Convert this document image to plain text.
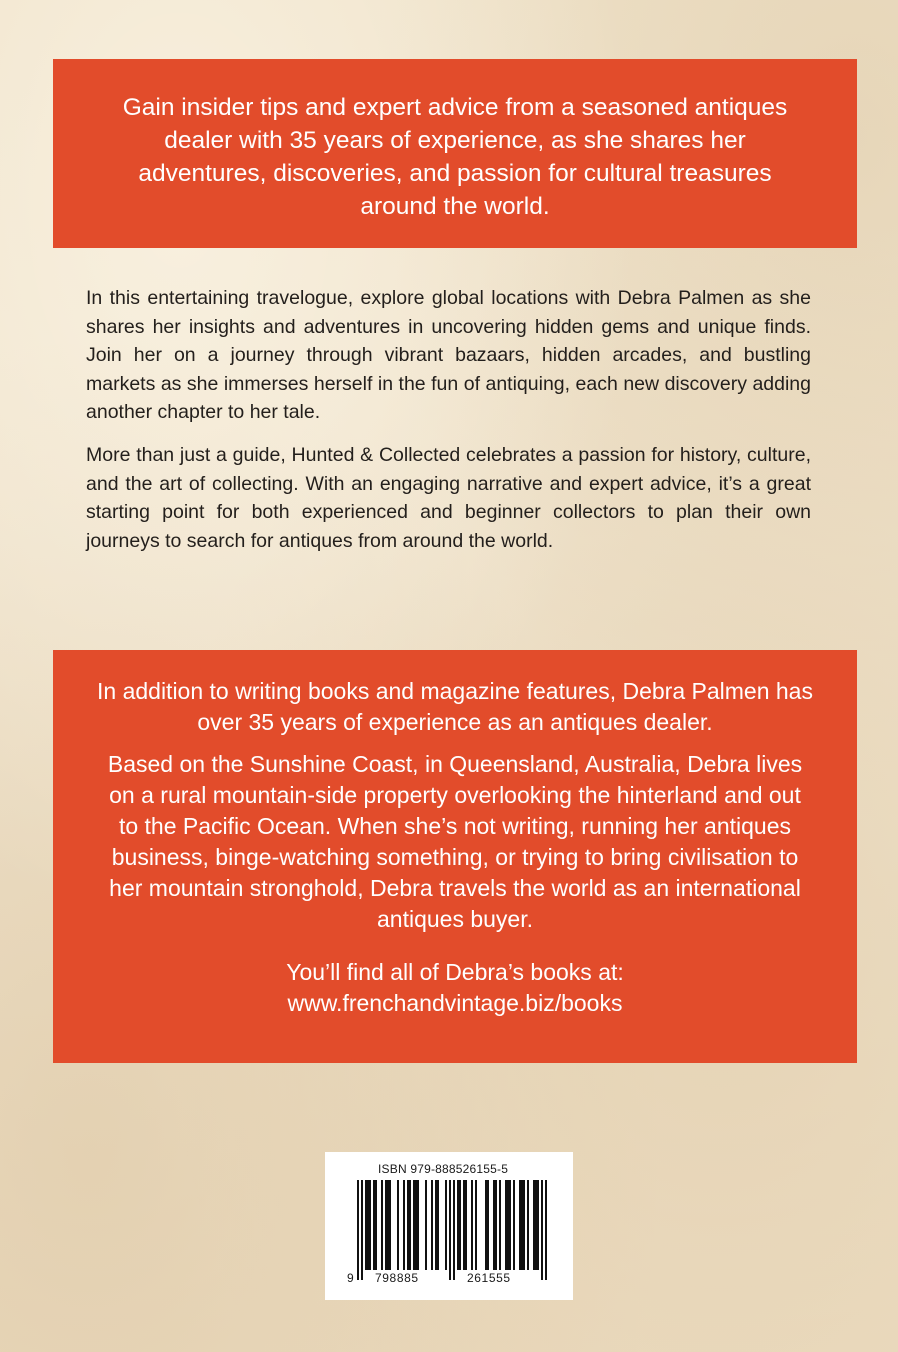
Gain insider tips and expert advice from a seasoned antiques dealer with 35 years of experience, as she shares her adventures, discoveries, and passion for cultural treasures around the world.

In this entertaining travelogue, explore global locations with Debra Palmen as she shares her insights and adventures in uncovering hidden gems and unique finds. Join her on a journey through vibrant bazaars, hidden arcades, and bustling markets as she immerses herself in the fun of antiquing, each new discovery adding another chapter to her tale.

More than just a guide, Hunted & Collected celebrates a passion for history, culture, and the art of collecting. With an engaging narrative and expert advice, it’s a great starting point for both experienced and beginner collectors to plan their own journeys to search for antiques from around the world.

In addition to writing books and magazine features, Debra Palmen has over 35 years of experience as an antiques dealer.

Based on the Sunshine Coast, in Queensland, Australia, Debra lives on a rural mountain-side property overlooking the hinterland and out to the Pacific Ocean. When she’s not writing, running her antiques business, binge-watching something, or trying to bring civilisation to her mountain stronghold, Debra travels the world as an international antiques buyer.

You’ll find all of Debra’s books at:
www.frenchandvintage.biz/books

ISBN 979-888526155-5
9 798885	261555
